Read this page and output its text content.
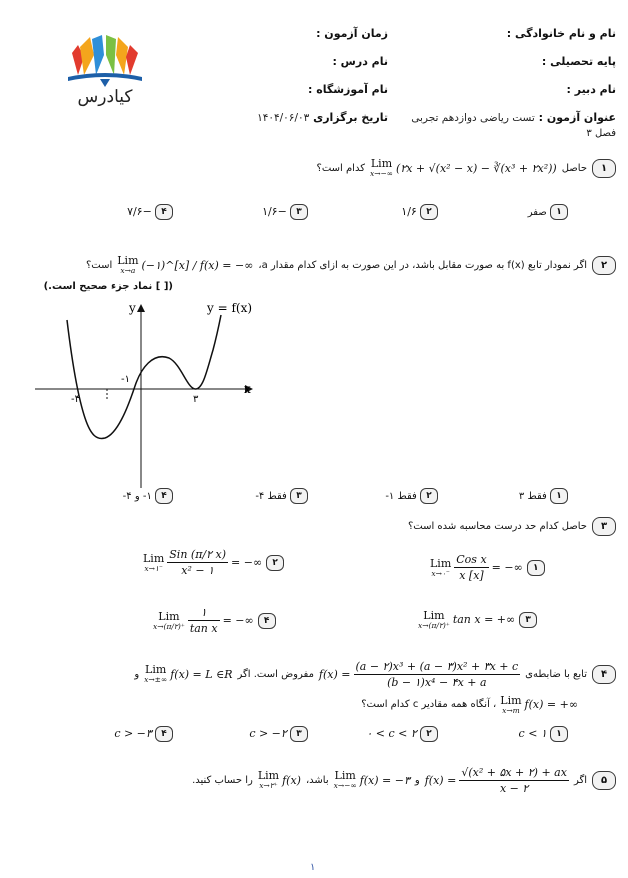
نام و نام خانوادگی :
زمان آزمون :
پایه تحصیلی :
نام درس :
نام دبیر :
نام آموزشگاه :
عنوان آزمون : تست ریاضی دوازدهم تجربی
تاریخ برگزاری ۱۴۰۴/۰۶/۰۳
فصل ۳
کیادرس
۱
حاصل
Lim
x→−∞ (۲x + √(x² − x) − ∛(x³ + ۲x²))
کدام است؟
۱ صفر
۲ ۱/۶
۳ −۱/۶
۴ −۷/۶
۲
اگر نمودار تابع f(x) به صورت مقابل باشد، در این صورت به ازای کدام مقدار a،
Lim
x→a (−۱)^[x] / f(x) = −∞
است؟
([ ] نماد جزء صحیح است.)
x
y	y = f(x)
-۴	۳
-۱
۱ فقط ۳
۲ فقط ۱-
۳ فقط ۴-
۴ ۱- و ۴-
۳
حاصل کدام حد درست محاسبه شده است؟
Lim
x→۰⁻ $\frac{\text{Cos x}}{x [x]}$ = −∞	۱
Lim
x→۱⁻ $\frac{\text{Sin (π/۲ x)}}{\text{x² − ۱}}$ = −∞	۲
Lim
x→(π/۲)⁺ tan x = +∞	۳
Lim
x→(π/۲)⁺ $\frac{۱}{\text{tan x}}$ = −∞	۴
۴
تابع با ضابطه‌ی
$f(x) = \frac{\text{(a − ۲)x³ + (a − ۳)x² + ۳x + c}}{\text{(b − ۱)x⁴ − ۴x + a}}$
مفروض است. اگر
Lim
x→±∞ f(x) = L ∈R
و
Lim
x→m f(x) = +∞
، آنگاه همه مقادیر c کدام است؟
۱ c < ۱
۲ ۰ < c < ۲
۳ c > −۲
۴ c > −۳
۵
اگر
$f(x) = \frac{\text{√(x² + ۵x + ۲) + ax}}{x - ۲}$
و
Lim
x→−∞ f(x) = −۳
باشد،
Lim
x→۲⁺ f(x)
را حساب کنید.
۱
